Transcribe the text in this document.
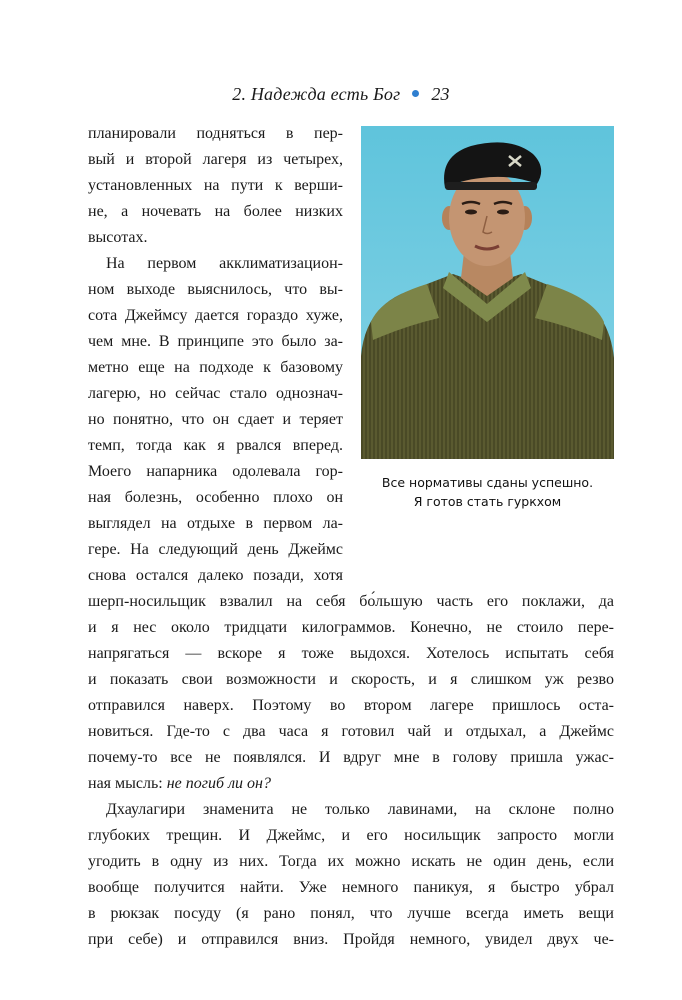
2. Надежда есть Бог 23
Все нормативы сданы успешно.
Я готов стать гуркхом
планировали подняться в пер-
вый и второй лагеря из четырех,
установленных на пути к верши-
не, а ночевать на более низких
высотах.
На первом акклиматизацион-
ном выходе выяснилось, что вы-
сота Джеймсу дается гораздо хуже,
чем мне. В принципе это было за-
метно еще на подходе к базовому
лагерю, но сейчас стало однознач-
но понятно, что он сдает и теряет
темп, тогда как я рвался вперед.
Моего напарника одолевала гор-
ная болезнь, особенно плохо он
выглядел на отдыхе в первом ла-
гере. На следующий день Джеймс
снова остался далеко позади, хотя
шерп-носильщик взвалил на себя бо́льшую часть его поклажи, да
и я нес около тридцати килограммов. Конечно, не стоило пере-
напрягаться — вскоре я тоже выдохся. Хотелось испытать себя
и показать свои возможности и скорость, и я слишком уж резво
отправился наверх. Поэтому во втором лагере пришлось оста-
новиться. Где-то с два часа я готовил чай и отдыхал, а Джеймс
почему-то все не появлялся. И вдруг мне в голову пришла ужас-
ная мысль: не погиб ли он?
Дхаулагири знаменита не только лавинами, на склоне полно
глубоких трещин. И Джеймс, и его носильщик запросто могли
угодить в одну из них. Тогда их можно искать не один день, если
вообще получится найти. Уже немного паникуя, я быстро убрал
в рюкзак посуду (я рано понял, что лучше всегда иметь вещи
при себе) и отправился вниз. Пройдя немного, увидел двух че-
